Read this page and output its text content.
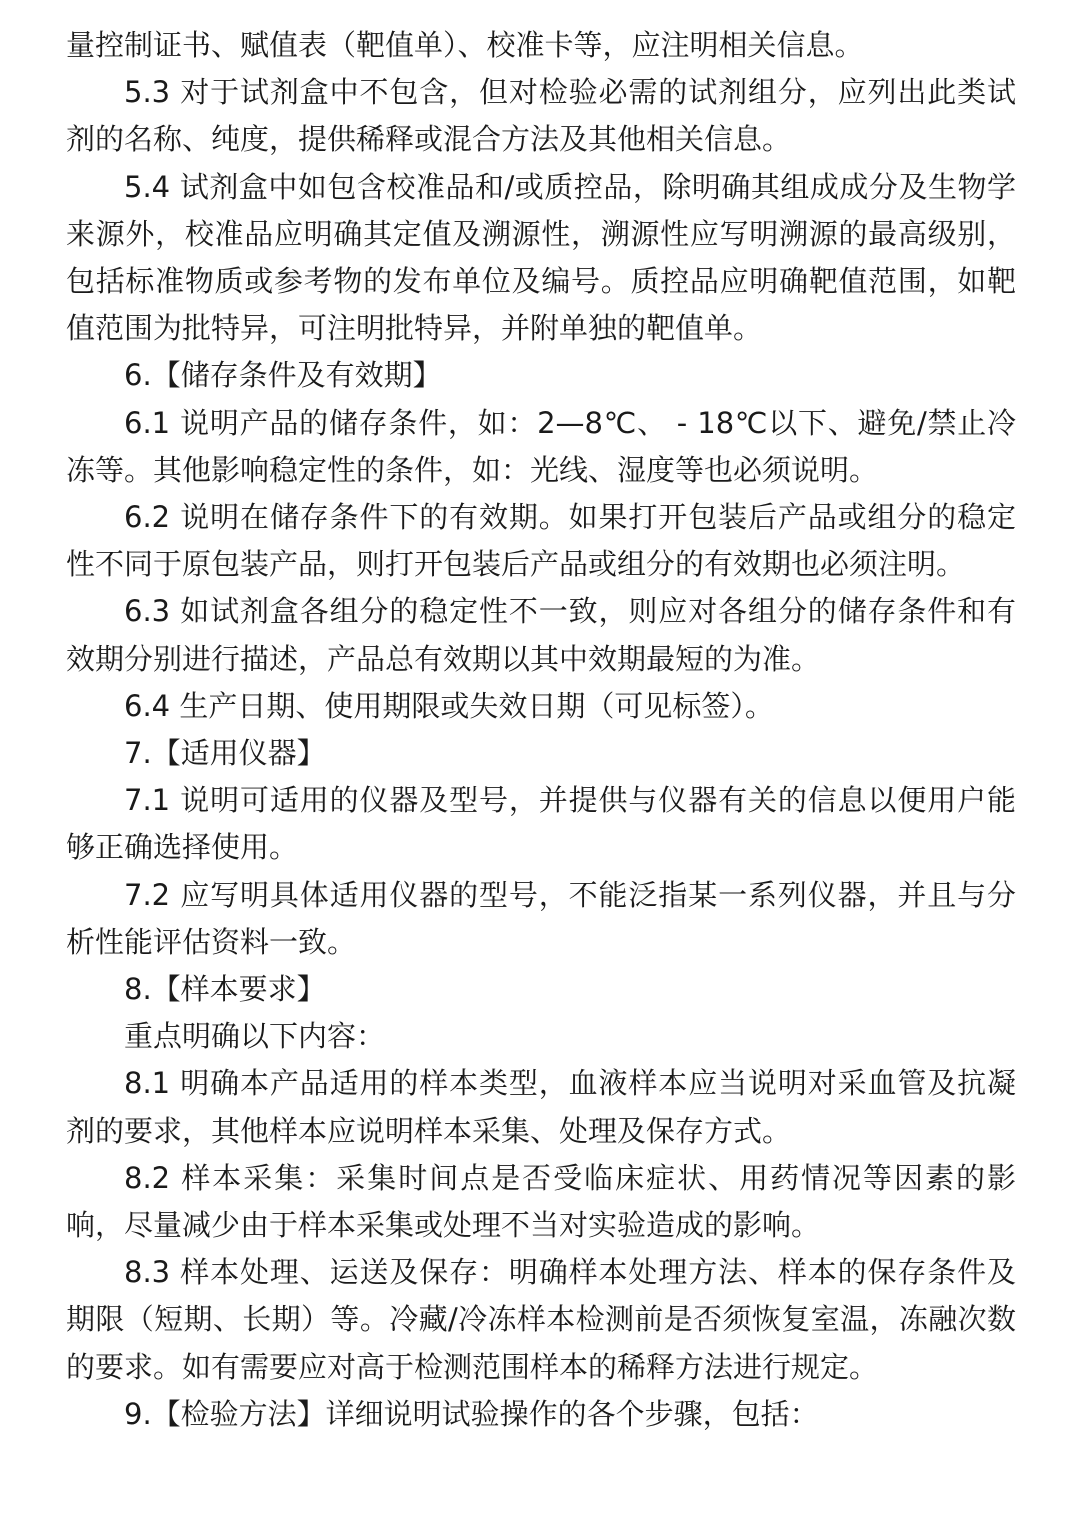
量控制证书、赋值表（靶值单）、校准卡等，应注明相关信息。

5.3 对于试剂盒中不包含，但对检验必需的试剂组分，应列出此类试剂的名称、纯度，提供稀释或混合方法及其他相关信息。

5.4 试剂盒中如包含校准品和/或质控品，除明确其组成成分及生物学来源外，校准品应明确其定值及溯源性，溯源性应写明溯源的最高级别，包括标准物质或参考物的发布单位及编号。质控品应明确靶值范围，如靶值范围为批特异，可注明批特异，并附单独的靶值单。

6.【储存条件及有效期】

6.1 说明产品的储存条件，如：2—8℃、 - 18℃以下、避免/禁止冷冻等。其他影响稳定性的条件，如：光线、湿度等也必须说明。

6.2 说明在储存条件下的有效期。如果打开包装后产品或组分的稳定性不同于原包装产品，则打开包装后产品或组分的有效期也必须注明。

6.3 如试剂盒各组分的稳定性不一致，则应对各组分的储存条件和有效期分别进行描述，产品总有效期以其中效期最短的为准。

6.4 生产日期、使用期限或失效日期（可见标签）。

7.【适用仪器】

7.1 说明可适用的仪器及型号，并提供与仪器有关的信息以便用户能够正确选择使用。

7.2 应写明具体适用仪器的型号，不能泛指某一系列仪器，并且与分析性能评估资料一致。

8.【样本要求】

重点明确以下内容：

8.1 明确本产品适用的样本类型，血液样本应当说明对采血管及抗凝剂的要求，其他样本应说明样本采集、处理及保存方式。

8.2 样本采集：采集时间点是否受临床症状、用药情况等因素的影响，尽量减少由于样本采集或处理不当对实验造成的影响。

8.3 样本处理、运送及保存：明确样本处理方法、样本的保存条件及期限（短期、长期）等。冷藏/冷冻样本检测前是否须恢复室温，冻融次数的要求。如有需要应对高于检测范围样本的稀释方法进行规定。

9.【检验方法】详细说明试验操作的各个步骤，包括：
